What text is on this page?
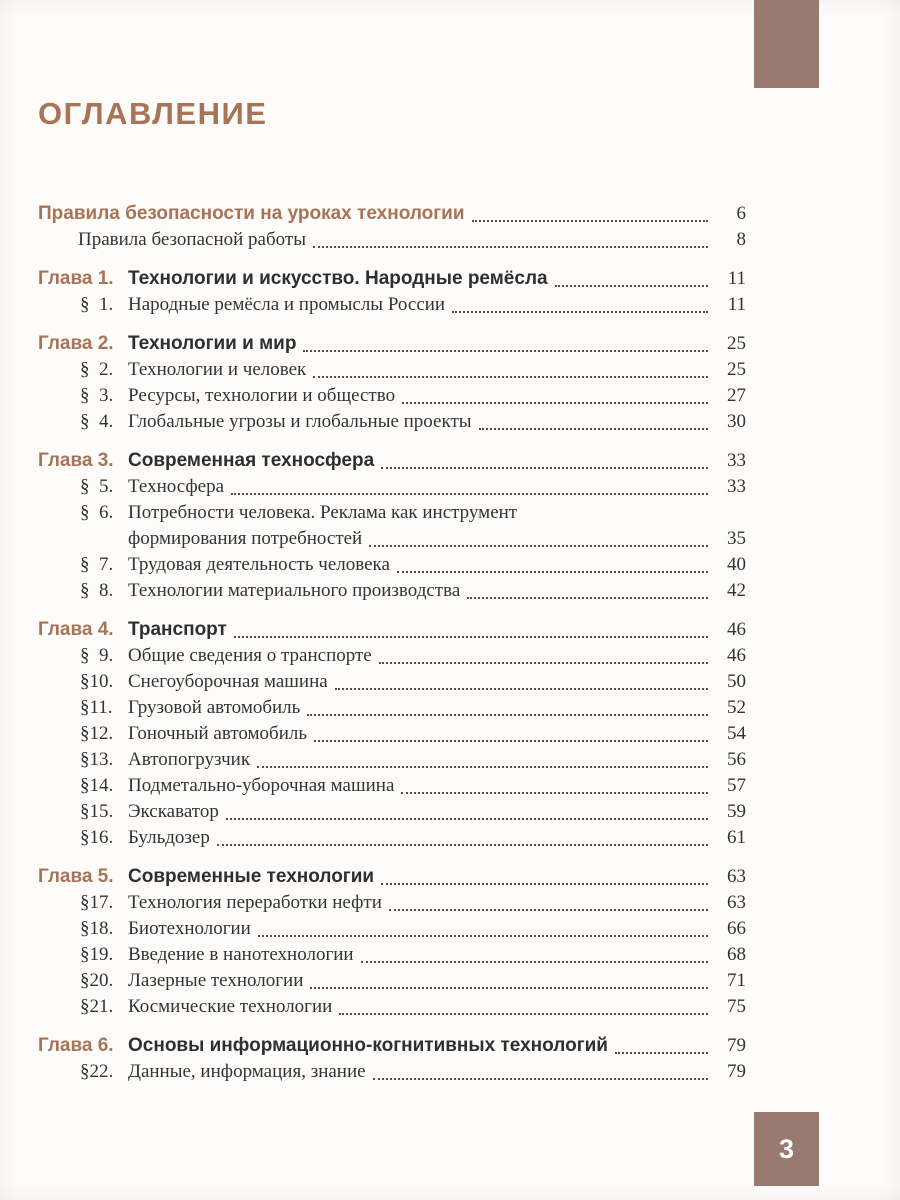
ОГЛАВЛЕНИЕ
Правила безопасности на уроках технологии	6
Правила безопасной работы	8
Глава 1. Технологии и искусство. Народные ремёсла	11
§  1. Народные ремёсла и промыслы России	11
Глава 2. Технологии и мир	25
§  2. Технологии и человек	25
§  3. Ресурсы, технологии и общество	27
§  4. Глобальные угрозы и глобальные проекты	30
Глава 3. Современная техносфера	33
§  5. Техносфера	33
§  6. Потребности человека. Реклама как инструмент
формирования потребностей	35
§  7. Трудовая деятельность человека	40
§  8. Технологии материального производства	42
Глава 4. Транспорт	46
§  9. Общие сведения о транспорте	46
§10. Снегоуборочная машина	50
§11. Грузовой автомобиль	52
§12. Гоночный автомобиль	54
§13. Автопогрузчик	56
§14. Подметально-уборочная машина	57
§15. Экскаватор	59
§16. Бульдозер	61
Глава 5. Современные технологии	63
§17. Технология переработки нефти	63
§18. Биотехнологии	66
§19. Введение в нанотехнологии	68
§20. Лазерные технологии	71
§21. Космические технологии	75
Глава 6. Основы информационно-когнитивных технологий	79
§22. Данные, информация, знание	79
3
